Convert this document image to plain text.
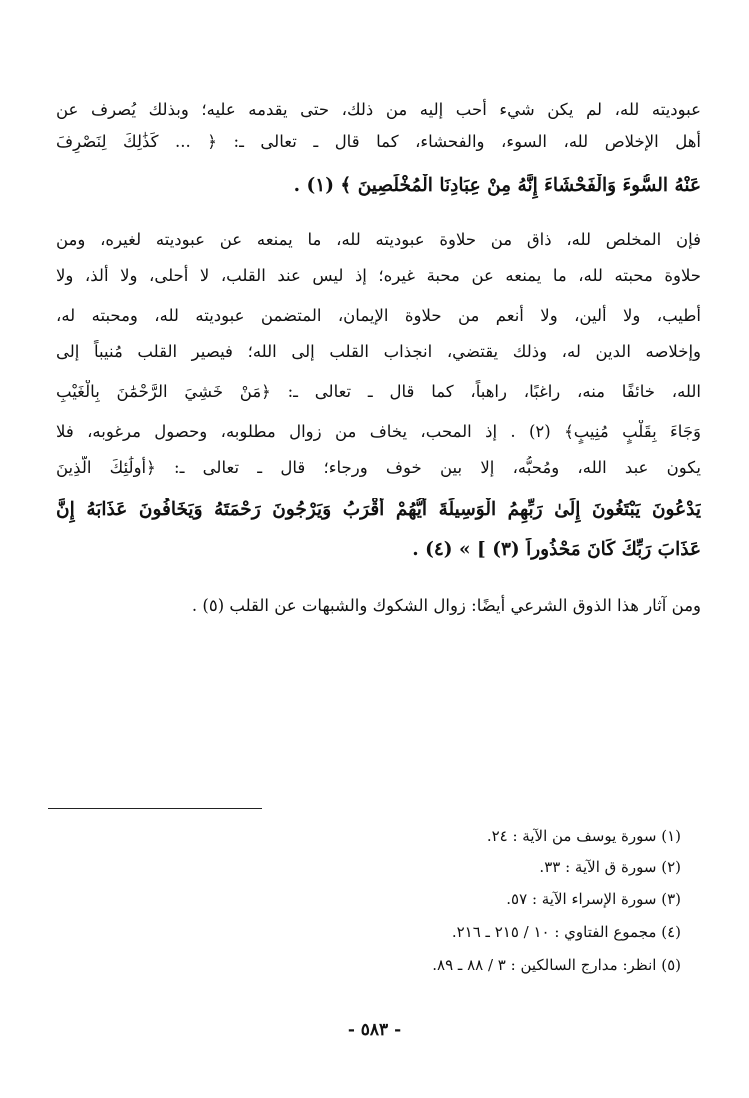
عبوديته لله، لم يكن شيء أحب إليه من ذلك، حتى يقدمه عليه؛ وبذلك يُصرف عن
أهل الإخلاص لله، السوء، والفحشاء، كما قال ـ تعالى ـ: ﴿ ... كَذَٰلِكَ لِنَصْرِفَ
عَنْهُ السُّوءَ وَالْفَحْشَاءَ إِنَّهُ مِنْ عِبَادِنَا الْمُخْلَصِينَ ﴾ (١) .
فإن المخلص لله، ذاق من حلاوة عبوديته لله، ما يمنعه عن عبوديته لغيره، ومن
حلاوة محبته لله، ما يمنعه عن محبة غيره؛ إذ ليس عند القلب، لا أحلى، ولا ألذ، ولا
أطيب، ولا ألين، ولا أنعم من حلاوة الإيمان، المتضمن عبوديته لله، ومحبته له،
وإخلاصه الدين له، وذلك يقتضي، انجذاب القلب إلى الله؛ فيصير القلب مُنيباً إلى
الله، خائفًا منه، راغبًا، راهباً، كما قال ـ تعالى ـ: ﴿مَنْ خَشِيَ الرَّحْمَٰنَ بِالْغَيْبِ
وَجَاءَ بِقَلْبٍ مُنِيبٍ﴾ (٢) . إذ المحب، يخاف من زوال مطلوبه، وحصول مرغوبه، فلا
يكون عبد الله، ومُحبُّه، إلا بين خوف ورجاء؛ قال ـ تعالى ـ: ﴿أُولَٰئِكَ الَّذِينَ
يَدْعُونَ يَبْتَغُونَ إِلَىٰ رَبِّهِمُ الْوَسِيلَةَ أَيُّهُمْ أَقْرَبُ وَيَرْجُونَ رَحْمَتَهُ وَيَخَافُونَ عَذَابَهُ إِنَّ
عَذَابَ رَبِّكَ كَانَ مَحْذُوراً (٣) ] » (٤) .
ومن آثار هذا الذوق الشرعي أيضًا: زوال الشكوك والشبهات عن القلب (٥) .
(١) سورة يوسف من الآية : ٢٤.
(٢) سورة ق الآية : ٣٣.
(٣) سورة الإسراء الآية : ٥٧.
(٤) مجموع الفتاوي : ١٠ / ٢١٥ ـ ٢١٦.
(٥) انظر: مدارج السالكين : ٣ / ٨٨ ـ ٨٩.
- ٥٨٣ -
